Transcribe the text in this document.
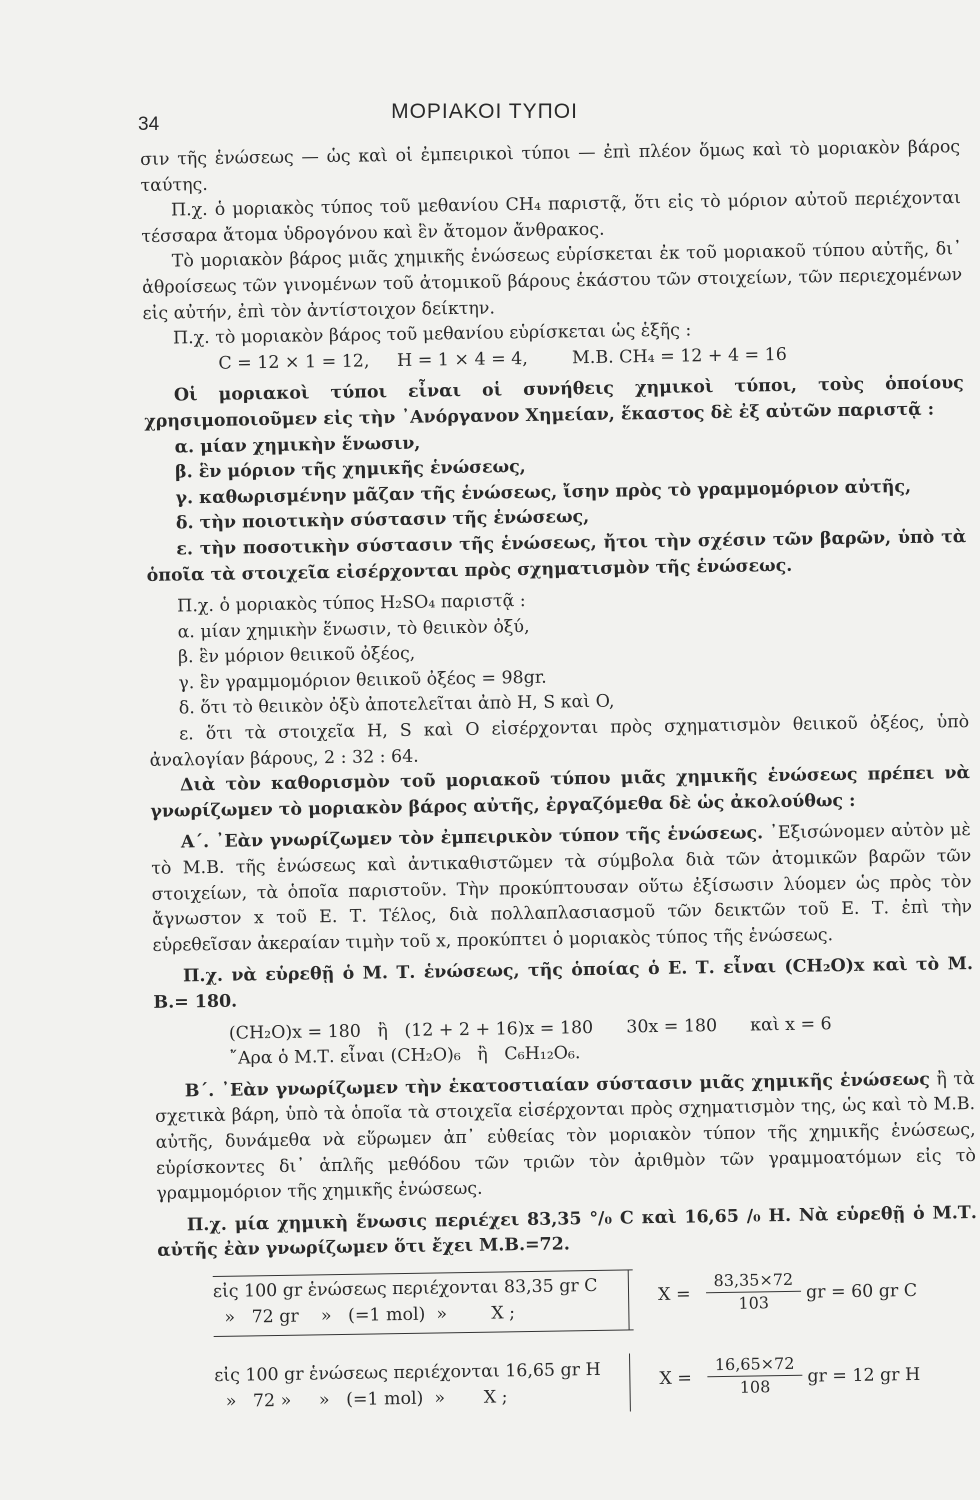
34
ΜΟΡΙΑΚΟΙ ΤΥΠΟΙ

σιν τῆς ἑνώσεως — ὡς καὶ οἱ ἐμπειρικοὶ τύποι — ἐπὶ πλέον ὅμως καὶ τὸ μοριακὸν βάρος ταύτης.

Π.χ. ὁ μοριακὸς τύπος τοῦ μεθανίου CH₄ παριστᾷ, ὅτι εἰς τὸ μόριον αὐτοῦ περιέχονται τέσσαρα ἄτομα ὑδρογόνου καὶ ἓν ἄτομον ἄνθρακος.

Τὸ μοριακὸν βάρος μιᾶς χημικῆς ἑνώσεως εὑρίσκεται ἐκ τοῦ μοριακοῦ τύπου αὐτῆς, δι᾽ ἀθροίσεως τῶν γινομένων τοῦ ἀτομικοῦ βάρους ἑκάστου τῶν στοιχείων, τῶν περιεχομένων εἰς αὐτήν, ἐπὶ τὸν ἀντίστοιχον δείκτην.

Π.χ. τὸ μοριακὸν βάρος τοῦ μεθανίου εὑρίσκεται ὡς ἑξῆς :

C = 12 × 1 = 12,     H = 1 × 4 = 4,        Μ.Β. CH₄ = 12 + 4 = 16

Οἱ μοριακοὶ τύποι εἶναι οἱ συνήθεις χημικοὶ τύποι, τοὺς ὁποίους χρησιμοποιοῦμεν εἰς τὴν ᾿Ανόργανον Χημείαν, ἕκαστος δὲ ἐξ αὐτῶν παριστᾷ :

α. μίαν χημικὴν ἕνωσιν,

β. ἓν μόριον τῆς χημικῆς ἑνώσεως,

γ. καθωρισμένην μᾶζαν τῆς ἑνώσεως, ἴσην πρὸς τὸ γραμμομόριον αὐτῆς,

δ. τὴν ποιοτικὴν σύστασιν τῆς ἑνώσεως,

ε. τὴν ποσοτικὴν σύστασιν τῆς ἑνώσεως, ἤτοι τὴν σχέσιν τῶν βαρῶν, ὑπὸ τὰ ὁποῖα τὰ στοιχεῖα εἰσέρχονται πρὸς σχηματισμὸν τῆς ἑνώσεως.

Π.χ. ὁ μοριακὸς τύπος H₂SO₄ παριστᾷ :

α. μίαν χημικὴν ἕνωσιν, τὸ θειικὸν ὀξύ,

β. ἓν μόριον θειικοῦ ὀξέος,

γ. ἓν γραμμομόριον θειικοῦ ὀξέος = 98gr.

δ. ὅτι τὸ θειικὸν ὀξὺ ἀποτελεῖται ἀπὸ H, S καὶ O,

ε. ὅτι τὰ στοιχεῖα H, S καὶ O εἰσέρχονται πρὸς σχηματισμὸν θειικοῦ ὀξέος, ὑπὸ ἀναλογίαν βάρους, 2 : 32 : 64.

Διὰ τὸν καθορισμὸν τοῦ μοριακοῦ τύπου μιᾶς χημικῆς ἑνώσεως πρέπει νὰ γνωρίζωμεν τὸ μοριακὸν βάρος αὐτῆς, ἐργαζόμεθα δὲ ὡς ἀκολούθως :

Α΄. ᾿Εὰν γνωρίζωμεν τὸν ἐμπειρικὸν τύπον τῆς ἑνώσεως. ᾿Εξισώνομεν αὐτὸν μὲ τὸ Μ.Β. τῆς ἑνώσεως καὶ ἀντικαθιστῶμεν τὰ σύμβολα διὰ τῶν ἀτομικῶν βαρῶν τῶν στοιχείων, τὰ ὁποῖα παριστοῦν. Τὴν προκύπτουσαν οὕτω ἐξίσωσιν λύομεν ὡς πρὸς τὸν ἄγνωστον x τοῦ Ε. Τ. Τέλος, διὰ πολλαπλασιασμοῦ τῶν δεικτῶν τοῦ Ε. Τ. ἐπὶ τὴν εὑρεθεῖσαν ἀκεραίαν τιμὴν τοῦ x, προκύπτει ὁ μοριακὸς τύπος τῆς ἑνώσεως.

Π.χ. νὰ εὑρεθῇ ὁ Μ. Τ. ἑνώσεως, τῆς ὁποίας ὁ Ε. Τ. εἶναι (CH₂O)x καὶ τὸ Μ. Β.= 180.

(CH₂O)x = 180   ἢ   (12 + 2 + 16)x = 180      30x = 180      καὶ x = 6

῎Αρα ὁ Μ.Τ. εἶναι (CH₂O)₆   ἢ   C₆H₁₂O₆.

Β΄. ᾿Εὰν γνωρίζωμεν τὴν ἑκατοστιαίαν σύστασιν μιᾶς χημικῆς ἑνώσεως ἢ τὰ σχετικὰ βάρη, ὑπὸ τὰ ὁποῖα τὰ στοιχεῖα εἰσέρχονται πρὸς σχηματισμὸν της, ὡς καὶ τὸ Μ.Β. αὐτῆς, δυνάμεθα νὰ εὕρωμεν ἀπ᾽ εὐθείας τὸν μοριακὸν τύπον τῆς χημικῆς ἑνώσεως, εὑρίσκοντες δι᾽ ἁπλῆς μεθόδου τῶν τριῶν τὸν ἀριθμὸν τῶν γραμμοατόμων εἰς τὸ γραμμομόριον τῆς χημικῆς ἑνώσεως.

Π.χ. μία χημικὴ ἕνωσις περιέχει 83,35 °/₀ C καὶ 16,65 /₀ H. Νὰ εὑρεθῇ ὁ Μ.Τ. αὐτῆς ἐὰν γνωρίζωμεν ὅτι ἔχει Μ.Β.=72.

εἰς 100 gr ἑνώσεως περιέχονται 83,35 gr C
»   72 gr    »   (=1 mol)  »        X ;
εἰς 100 gr ἑνώσεως περιέχονται 16,65 gr H
»   72 »     »   (=1 mol)  »       X ;
$X = \frac{83,35\times 72}{103}$ gr = 60 gr C
$X = \frac{16,65\times 72}{108}$ gr = 12 gr H
